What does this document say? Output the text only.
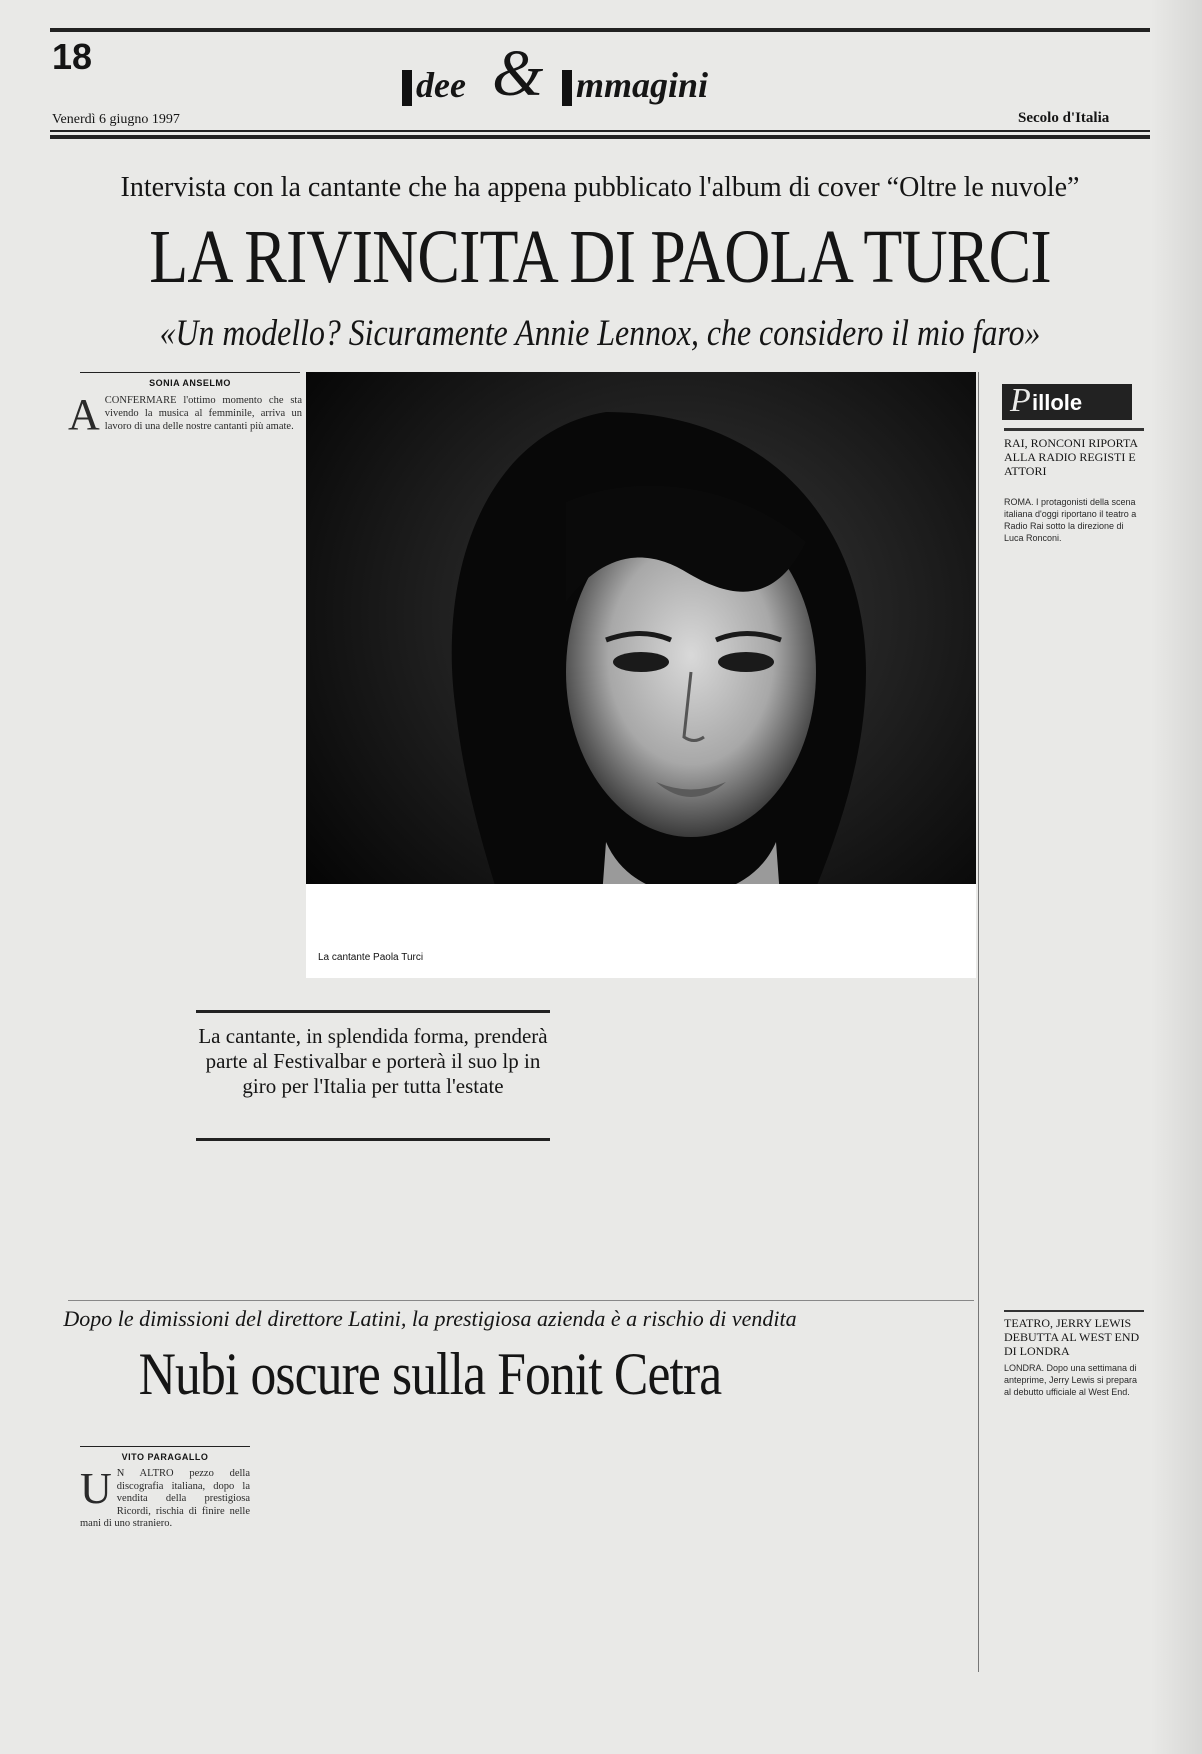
18
dee & mmagini
Venerdì 6 giugno 1997	Secolo d'Italia
Intervista con la cantante che ha appena pubblicato l'album di cover “Oltre le nuvole”
LA RIVINCITA DI PAOLA TURCI
«Un modello? Sicuramente Annie Lennox, che considero il mio faro»
SONIA ANSELMO
A CONFERMARE l'ottimo momento che sta vivendo la musica al femminile, arriva un lavoro di una delle nostre cantanti più amate.

La cantante Paola Turci
La cantante, in splendida forma, prenderà parte al Festivalbar e porterà il suo lp in giro per l'Italia per tutta l'estate
P illole
RAI, RONCONI RIPORTA ALLA RADIO REGISTI E ATTORI

ROMA. I protagonisti della scena italiana d'oggi riportano il teatro a Radio Rai sotto la direzione di Luca Ronconi.

TEATRO, JERRY LEWIS DEBUTTA AL WEST END DI LONDRA

LONDRA. Dopo una settimana di anteprime, Jerry Lewis si prepara al debutto ufficiale al West End.

Dopo le dimissioni del direttore Latini, la prestigiosa azienda è a rischio di vendita
Nubi oscure sulla Fonit Cetra
VITO PARAGALLO
U N ALTRO pezzo della discografia italiana, dopo la vendita della prestigiosa Ricordi, rischia di finire nelle mani di uno straniero.
